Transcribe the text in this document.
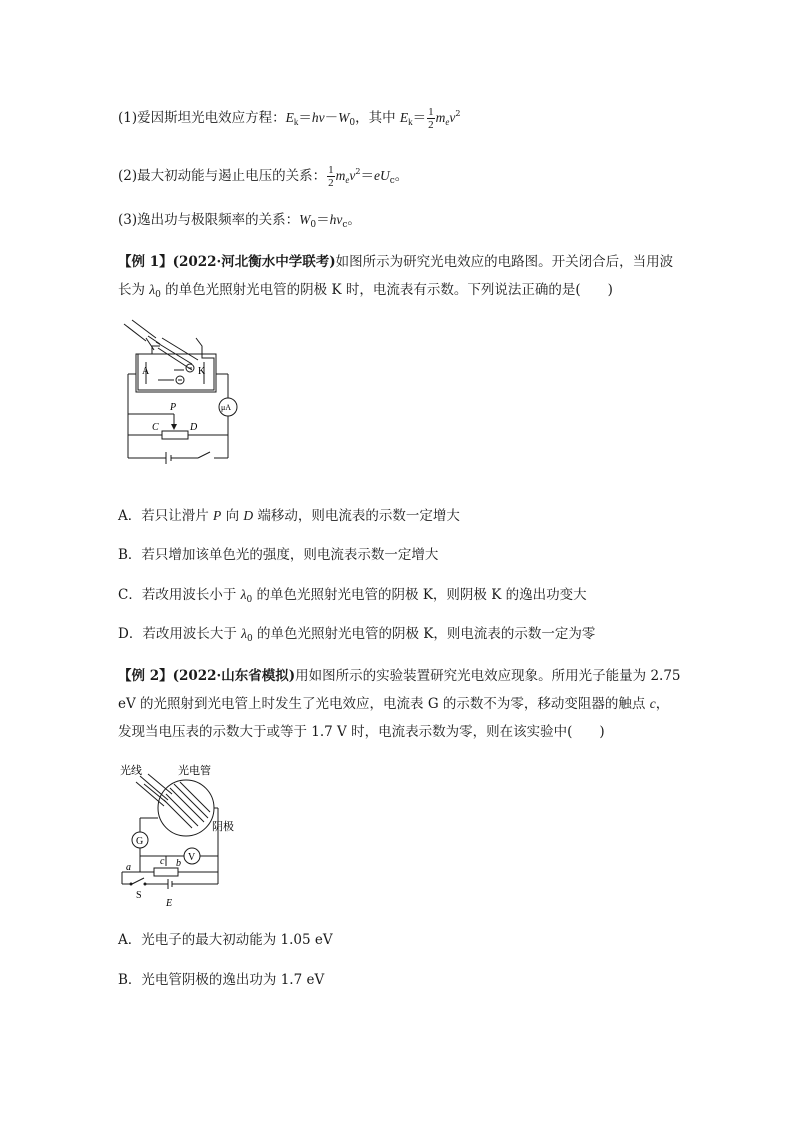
(1)爱因斯坦光电效应方程：$E_k=h\nu-W_0$，其中 $E_k= \frac{1}{2} m_ev^2$
(2)最大初动能与遏止电压的关系： $\frac{1}{2} m_ev^2=eU_c$。
(3)逸出功与极限频率的关系：$W_0=h\nu_c$。
【例 1】(2022·河北衡水中学联考)如图所示为研究光电效应的电路图。开关闭合后，当用波
长为 $\lambda_0$ 的单色光照射光电管的阴极 K 时，电流表有示数。下列说法正确的是(　　)
A	K
μA
P
C	D
A．若只让滑片 P 向 D 端移动，则电流表的示数一定增大
B．若只增加该单色光的强度，则电流表示数一定增大
C．若改用波长小于 $\lambda_0$ 的单色光照射光电管的阴极 K，则阴极 K 的逸出功变大
D．若改用波长大于 $\lambda_0$ 的单色光照射光电管的阴极 K，则电流表的示数一定为零
【例 2】(2022·山东省模拟)用如图所示的实验装置研究光电效应现象。所用光子能量为 2.75
eV 的光照射到光电管上时发生了光电效应，电流表 G 的示数不为零，移动变阻器的触点 c，
发现当电压表的示数大于或等于 1.7 V 时，电流表示数为零，则在该实验中(　　)
光线	光电管
阴极
G
V
a	b
c
S
E
A．光电子的最大初动能为 1.05 eV
B．光电管阴极的逸出功为 1.7 eV
